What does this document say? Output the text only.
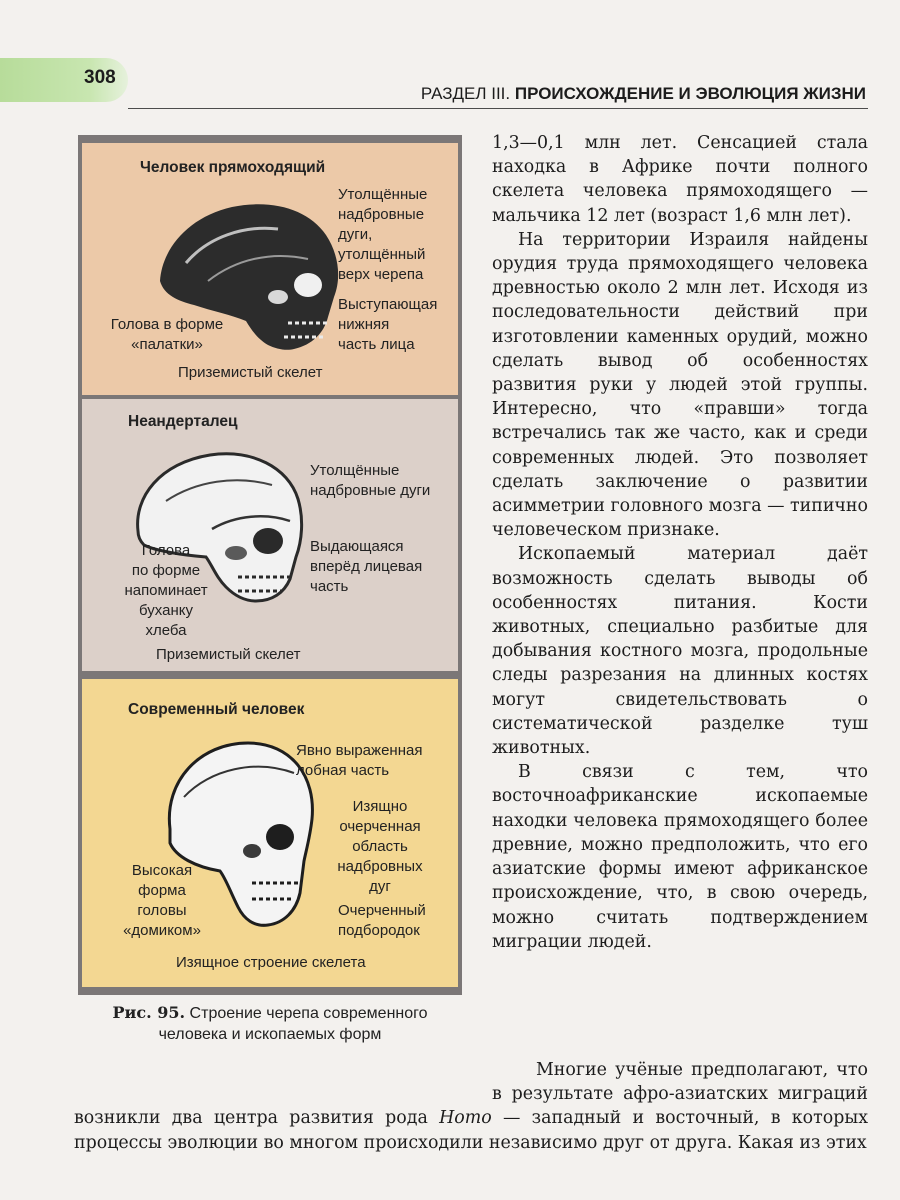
308
РАЗДЕЛ III. ПРОИСХОЖДЕНИЕ И ЭВОЛЮЦИЯ ЖИЗНИ
Человек прямоходящий
Утолщённые
надбровные
дуги,
утолщённый
верх черепа
Выступающая
нижняя
часть лица
Голова в форме
«палатки»
Приземистый скелет
Неандерталец
Утолщённые
надбровные дуги
Выдающаяся
вперёд лицевая
часть
Голова
по форме
напоминает
буханку
хлеба
Приземистый скелет
Современный человек
Явно выраженная
лобная часть
Изящно
очерченная
область
надбровных
дуг
Высокая
форма
головы
«домиком»
Очерченный
подбородок
Изящное строение скелета
Рис. 95. Строение черепа современного человека и ископаемых форм

1,3—0,1 млн лет. Сенсацией стала находка в Африке почти полного скелета человека прямоходящего — мальчика 12 лет (возраст 1,6 млн лет).

На территории Израиля найдены орудия труда прямоходящего человека древностью около 2 млн лет. Исходя из последовательности действий при изготовлении каменных орудий, можно сделать вывод об особенностях развития руки у людей этой группы. Интересно, что «правши» тогда встречались так же часто, как и среди современных людей. Это позволяет сделать заключение о развитии асимметрии головного мозга — типично человеческом признаке.

Ископаемый материал даёт возможность сделать выводы об особенностях питания. Кости животных, специально разбитые для добывания костного мозга, продольные следы разрезания на длинных костях могут свидетельствовать о систематической разделке туш животных.

В связи с тем, что восточноафриканские ископаемые находки человека прямоходящего более древние, можно предположить, что его азиатские формы имеют африканское происхождение, что, в свою очередь, можно считать подтверждением миграции людей.

Многие учёные предполагают, что в результате афро-азиатских миграций возникли два центра развития рода Homo — западный и восточный, в которых процессы эволюции во многом происходили независимо друг от друга. Какая из этих
